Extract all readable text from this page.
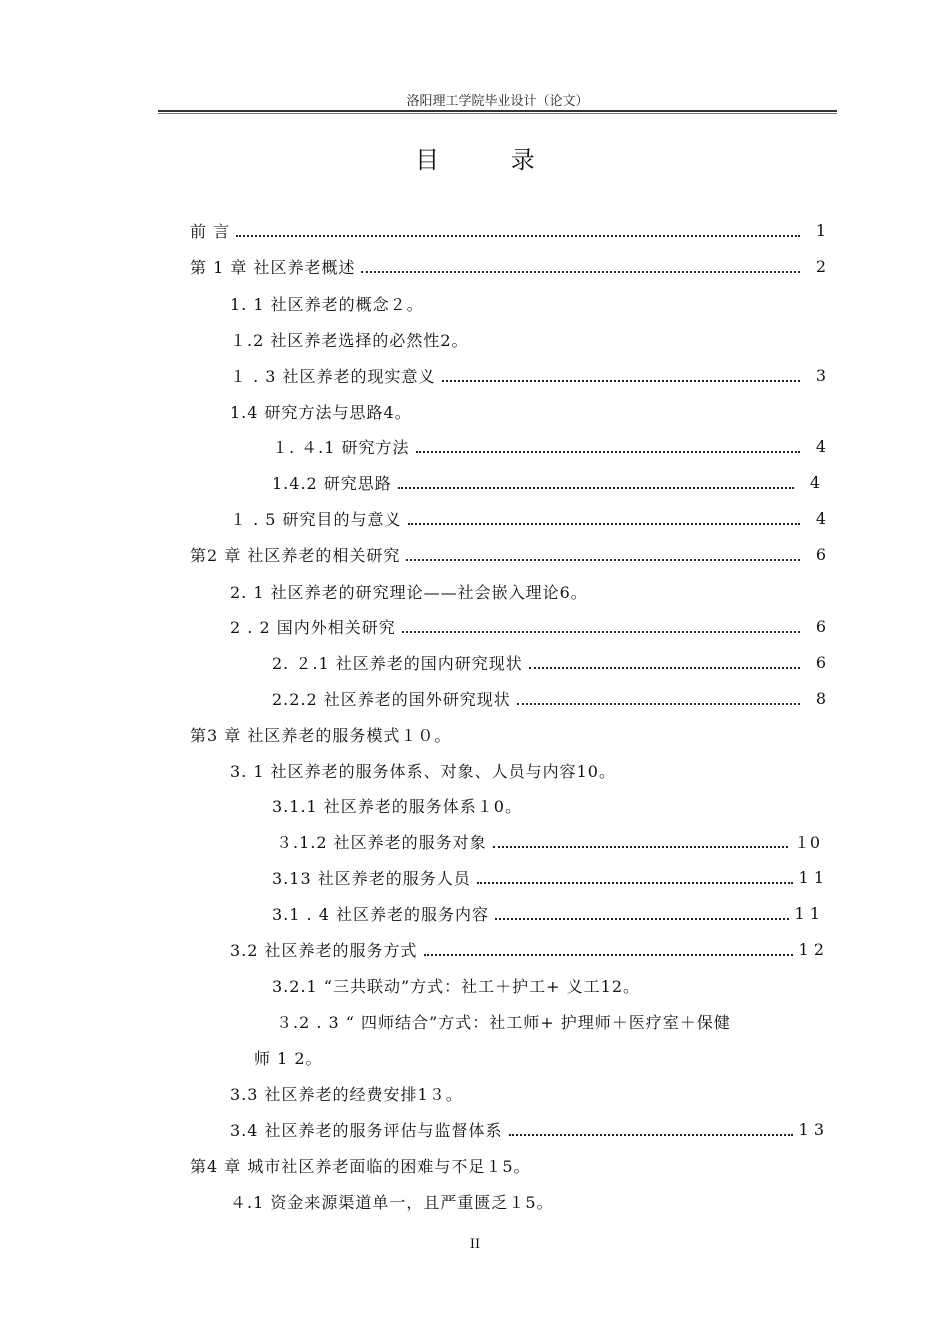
洛阳理工学院毕业设计（论文）
目 录
前 言	1
第 1 章 社区养老概述	2
1. 1 社区养老的概念２。
１.2 社区养老选择的必然性2。
１ . 3 社区养老的现实意义	3
1.4 研究方法与思路4。
１. ４.1 研究方法	4
1.4.2 研究思路	4
１ . 5 研究目的与意义	4
第2 章 社区养老的相关研究	6
2. 1 社区养老的研究理论——社会嵌入理论6。
2 . 2 国内外相关研究	6
2. ２.1 社区养老的国内研究现状	6
2.2.2 社区养老的国外研究现状	8
第3 章 社区养老的服务模式１０。
3. 1 社区养老的服务体系、对象、人员与内容10。
3.1.1 社区养老的服务体系１0。
３.1.2 社区养老的服务对象	１0
3.13 社区养老的服务人员	1 1
3.1 . 4 社区养老的服务内容	1 1
3.2 社区养老的服务方式	1 2
3.2.1 “三共联动”方式：社工＋护工+ 义工12。
３.2 . 3 “ 四师结合”方式：社工师+ 护理师＋医疗室＋保健
师 1 2。
3.3 社区养老的经费安排1３。
3.4 社区养老的服务评估与监督体系	1 3
第4 章 城市社区养老面临的困难与不足１5。
４.1 资金来源渠道单一，且严重匮乏１5。
II
